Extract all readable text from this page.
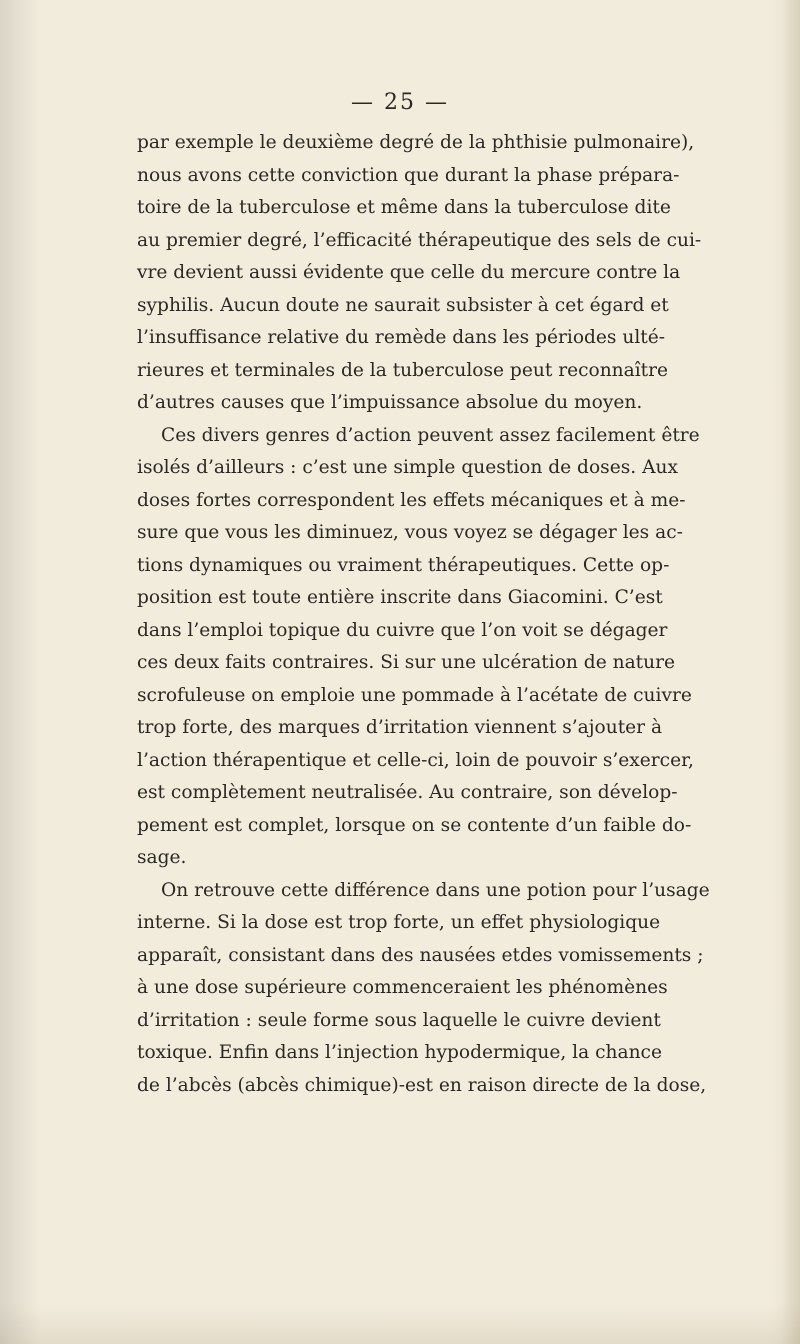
— 25 —
par exemple le deuxième degré de la phthisie pulmonaire),
nous avons cette conviction que durant la phase prépara-
toire de la tuberculose et même dans la tuberculose dite
au premier degré, l’efficacité thérapeutique des sels de cui-
vre devient aussi évidente que celle du mercure contre la
syphilis. Aucun doute ne saurait subsister à cet égard et
l’insuffisance relative du remède dans les périodes ulté-
rieures et terminales de la tuberculose peut reconnaître
d’autres causes que l’impuissance absolue du moyen.
Ces divers genres d’action peuvent assez facilement être
isolés d’ailleurs : c’est une simple question de doses. Aux
doses fortes correspondent les effets mécaniques et à me-
sure que vous les diminuez, vous voyez se dégager les ac-
tions dynamiques ou vraiment thérapeutiques. Cette op-
position est toute entière inscrite dans Giacomini. C’est
dans l’emploi topique du cuivre que l’on voit se dégager
ces deux faits contraires. Si sur une ulcération de nature
scrofuleuse on emploie une pommade à l’acétate de cuivre
trop forte, des marques d’irritation viennent s’ajouter à
l’action thérapentique et celle-ci, loin de pouvoir s’exercer,
est complètement neutralisée. Au contraire, son dévelop-
pement est complet, lorsque on se contente d’un faible do-
sage.
On retrouve cette différence dans une potion pour l’usage
interne. Si la dose est trop forte, un effet physiologique
apparaît, consistant dans des nausées etdes vomissements ;
à une dose supérieure commenceraient les phénomènes
d’irritation : seule forme sous laquelle le cuivre devient
toxique. Enfin dans l’injection hypodermique, la chance
de l’abcès (abcès chimique)-est en raison directe de la dose,
